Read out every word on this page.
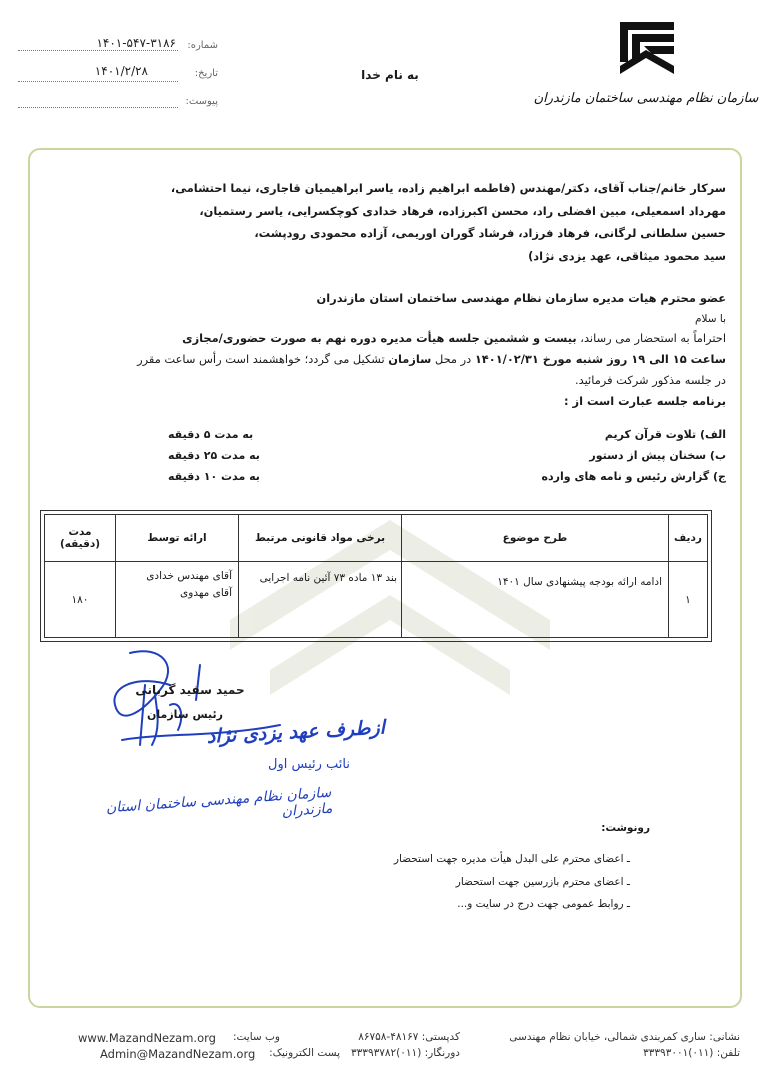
سازمان نظام مهندسی ساختمان مازندران
شماره:
۱۴۰۱-۵۴۷-۳۱۸۶
تاریخ:
۱۴۰۱/۲/۲۸
پیوست:
به نام خدا
سرکار خانم/جناب آقای، دکتر/مهندس (فاطمه ابراهیم زاده، یاسر ابراهیمیان قاجاری، نیما احتشامی،
مهرداد اسمعیلی، مبین افضلی راد، محسن اکبرزاده، فرهاد خدادی کوچکسرایی، یاسر رستمیان،
حسین سلطانی لرگانی، فرهاد فرزاد، فرشاد گوران اوریمی، آزاده محمودی رودپشت،
سید محمود میثاقی، عهد یزدی نژاد)
عضو محترم هیات مدیره سازمان نظام مهندسی ساختمان استان مازندران
با سلام
احتراماً به استحضار می رساند، بیست و ششمین جلسه هیأت مدیره دوره نهم به صورت حضوری/مجازی
ساعت ۱۵ الی ۱۹ روز شنبه مورخ ۱۴۰۱/۰۲/۳۱ در محل سازمان تشکیل می گردد؛ خواهشمند است رأس ساعت مقرر
در جلسه مذکور شرکت فرمائید.
برنامه جلسه عبارت است از :
الف) تلاوت قرآن کریم
به مدت ۵ دقیقه
ب) سخنان پیش از دستور
به مدت ۲۵ دقیقه
ج) گزارش رئیس و نامه های وارده
به مدت ۱۰ دقیقه
ردیف	طرح موضوع	برخی مواد قانونی مرتبط	ارائه توسط	مدت
(دقیقه)

۱	ادامه ارائه بودجه پیشنهادی سال ۱۴۰۱	بند ۱۳ ماده ۷۳ آئین نامه اجرایی	آقای مهندس خدادی
آقای مهدوی	۱۸۰
حمید سفید گربانی
رئیس سازمان
ازطرف عهد یزدی نژاد
نائب رئیس اول
سازمان نظام مهندسی ساختمان استان مازندران
رونوشت:
ـ اعضای محترم علی البدل هیأت مدیره جهت استحضار
ـ اعضای محترم بازرسین جهت استحضار
ـ روابط عمومی جهت درج در سایت و...
نشانی: ساری کمربندی شمالی، خیابان نظام مهندسی
کدپستی: ۴۸۱۶۷-۸۶۷۵۸
وب سایت:
www.MazandNezam.org
تلفن: (۰۱۱)۳۳۳۹۳۰۰۱
دورنگار: (۰۱۱)۳۳۳۹۳۷۸۲
پست الکترونیک:
Admin@MazandNezam.org
